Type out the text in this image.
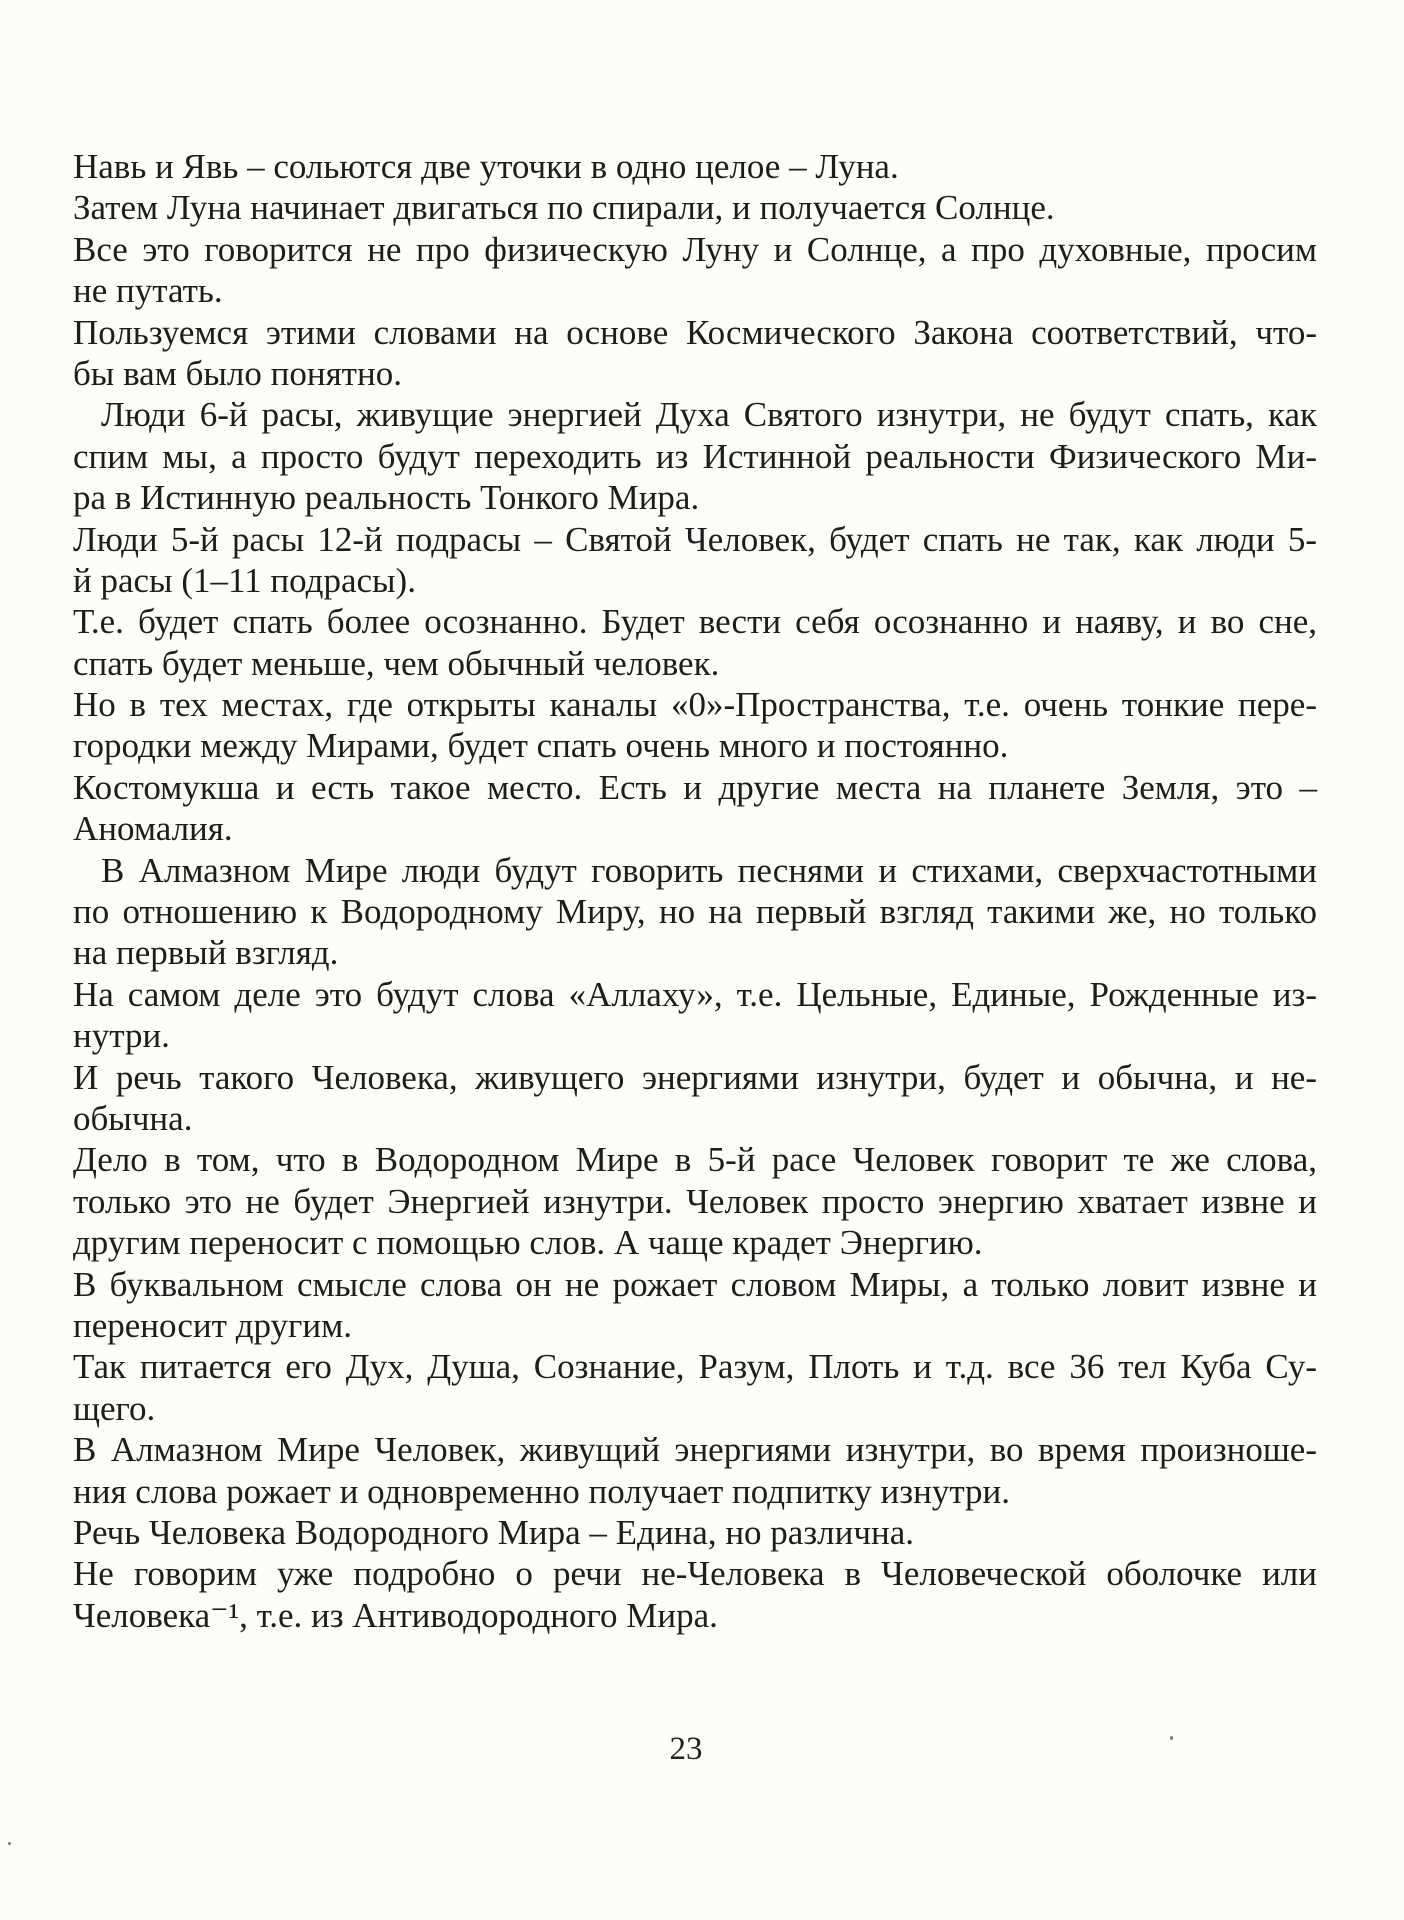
Навь и Явь – сольются две уточки в одно целое – Луна.
Затем Луна начинает двигаться по спирали, и получается Солнце.
Все это говорится не про физическую Луну и Солнце, а про духовные, просим
не путать.
Пользуемся этими словами на основе Космического Закона соответствий, что-
бы вам было понятно.
Люди 6-й расы, живущие энергией Духа Святого изнутри, не будут спать, как
спим мы, а просто будут переходить из Истинной реальности Физического Ми-
ра в Истинную реальность Тонкого Мира.
Люди 5-й расы 12-й подрасы – Святой Человек, будет спать не так, как люди 5-
й расы (1–11 подрасы).
Т.е. будет спать более осознанно. Будет вести себя осознанно и наяву, и во сне,
спать будет меньше, чем обычный человек.
Но в тех местах, где открыты каналы «0»-Пространства, т.е. очень тонкие пере-
городки между Мирами, будет спать очень много и постоянно.
Костомукша и есть такое место. Есть и другие места на планете Земля, это –
Аномалия.
В Алмазном Мире люди будут говорить песнями и стихами, сверхчастотными
по отношению к Водородному Миру, но на первый взгляд такими же, но только
на первый взгляд.
На самом деле это будут слова «Аллаху», т.е. Цельные, Единые, Рожденные из-
нутри.
И речь такого Человека, живущего энергиями изнутри, будет и обычна, и не-
обычна.
Дело в том, что в Водородном Мире в 5-й расе Человек говорит те же слова,
только это не будет Энергией изнутри. Человек просто энергию хватает извне и
другим переносит с помощью слов. А чаще крадет Энергию.
В буквальном смысле слова он не рожает словом Миры, а только ловит извне и
переносит другим.
Так питается его Дух, Душа, Сознание, Разум, Плоть и т.д. все 36 тел Куба Су-
щего.
В Алмазном Мире Человек, живущий энергиями изнутри, во время произноше-
ния слова рожает и одновременно получает подпитку изнутри.
Речь Человека Водородного Мира – Едина, но различна.
Не говорим уже подробно о речи не-Человека в Человеческой оболочке или
Человека⁻¹, т.е. из Антиводородного Мира.
23
